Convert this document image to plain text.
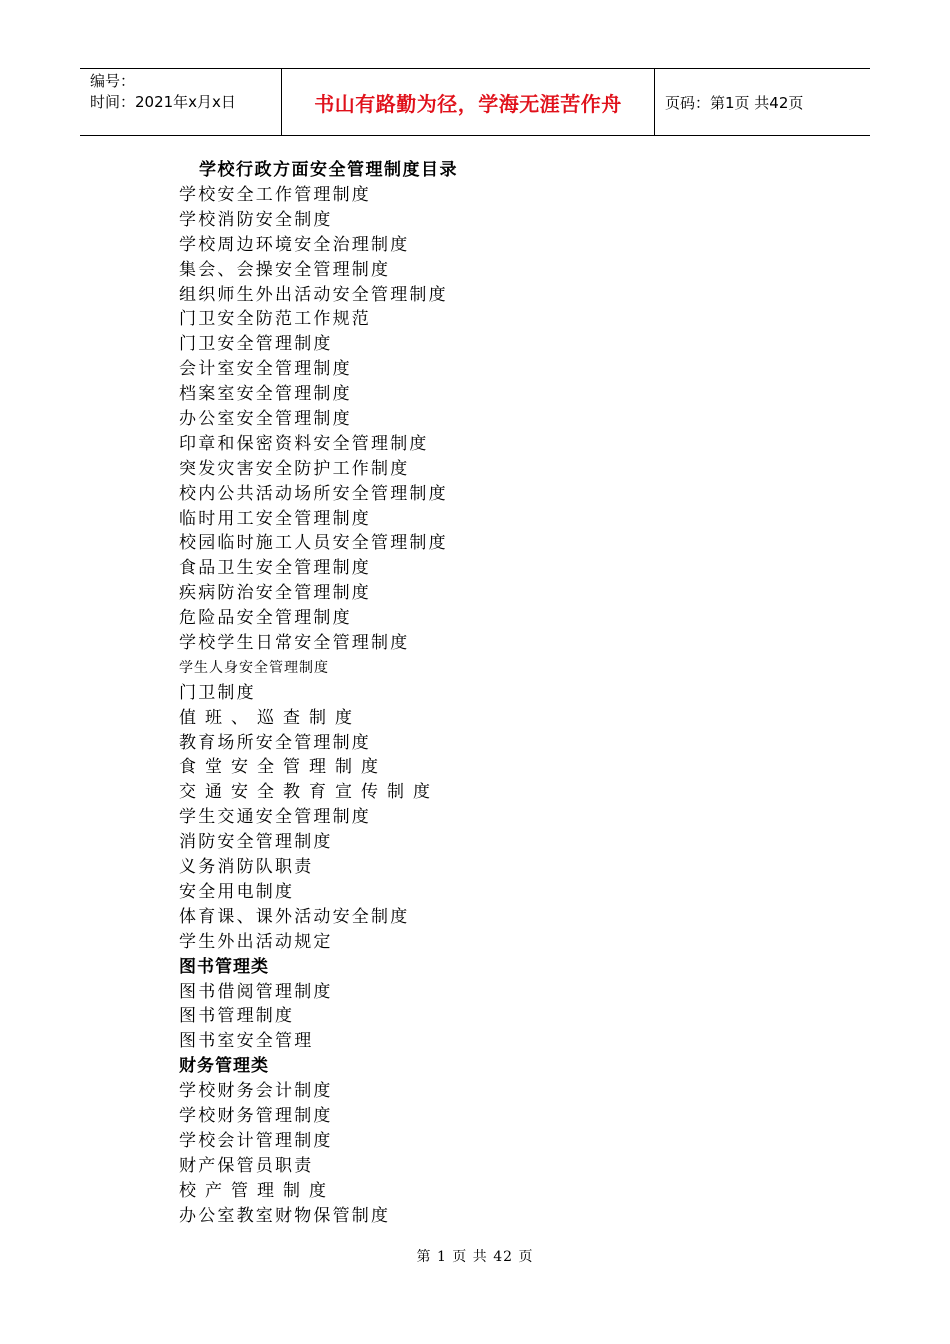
编号：
时间：2021年x月x日	书山有路勤为径，学海无涯苦作舟	页码：第1页 共42页
学校行政方面安全管理制度目录
学校安全工作管理制度
学校消防安全制度
学校周边环境安全治理制度
集会、会操安全管理制度
组织师生外出活动安全管理制度
门卫安全防范工作规范
门卫安全管理制度
会计室安全管理制度
档案室安全管理制度
办公室安全管理制度
印章和保密资料安全管理制度
突发灾害安全防护工作制度
校内公共活动场所安全管理制度
临时用工安全管理制度
校园临时施工人员安全管理制度
食品卫生安全管理制度
疾病防治安全管理制度
危险品安全管理制度
学校学生日常安全管理制度
学生人身安全管理制度
门卫制度
值班、巡查制度
教育场所安全管理制度
食堂安全管理制度
交通安全教育宣传制度
学生交通安全管理制度
消防安全管理制度
义务消防队职责
安全用电制度
体育课、课外活动安全制度
学生外出活动规定
图书管理类
图书借阅管理制度
图书管理制度
图书室安全管理
财务管理类
学校财务会计制度
学校财务管理制度
学校会计管理制度
财产保管员职责
校产管理制度
办公室教室财物保管制度
第 1 页 共 42 页
